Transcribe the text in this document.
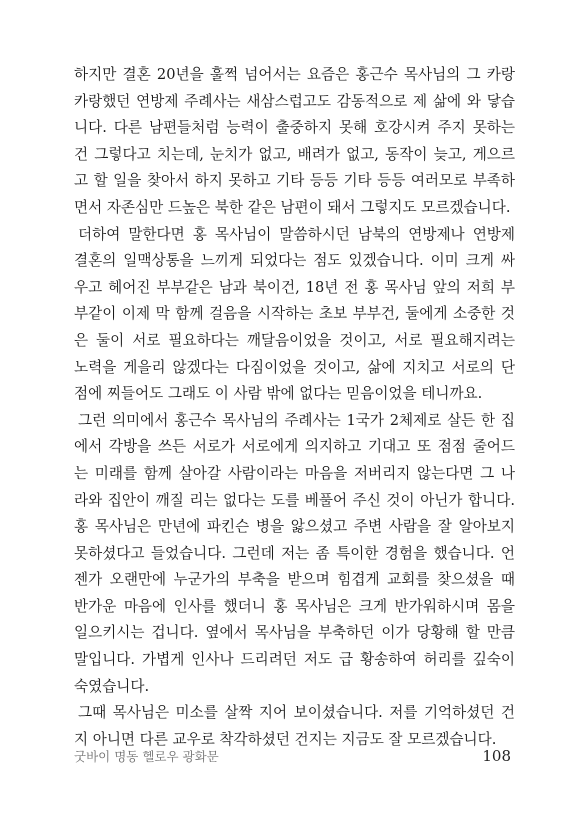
하지만 결혼 20년을 훌쩍 넘어서는 요즘은 홍근수 목사님의 그 카랑
카랑했던 연방제 주례사는 새삼스럽고도 감동적으로 제 삶에 와 닿습
니다. 다른 남편들처럼 능력이 출중하지 못해 호강시켜 주지 못하는
건 그렇다고 치는데, 눈치가 없고, 배려가 없고, 동작이 늦고, 게으르
고 할 일을 찾아서 하지 못하고 기타 등등 기타 등등 여러모로 부족하
면서 자존심만 드높은 북한 같은 남편이 돼서 그렇지도 모르겠습니다.
더하여 말한다면 홍 목사님이 말씀하시던 남북의 연방제나 연방제
결혼의 일맥상통을 느끼게 되었다는 점도 있겠습니다. 이미 크게 싸
우고 헤어진 부부같은 남과 북이건, 18년 전 홍 목사님 앞의 저희 부
부같이 이제 막 함께 걸음을 시작하는 초보 부부건, 둘에게 소중한 것
은 둘이 서로 필요하다는 깨달음이었을 것이고, 서로 필요해지려는
노력을 게을리 않겠다는 다짐이었을 것이고, 삶에 지치고 서로의 단
점에 찌들어도 그래도 이 사람 밖에 없다는 믿음이었을 테니까요.
그런 의미에서 홍근수 목사님의 주례사는 1국가 2체제로 살든 한 집
에서 각방을 쓰든 서로가 서로에게 의지하고 기대고 또 점점 줄어드
는 미래를 함께 살아갈 사람이라는 마음을 저버리지 않는다면 그 나
라와 집안이 깨질 리는 없다는 도를 베풀어 주신 것이 아닌가 합니다.
홍 목사님은 만년에 파킨슨 병을 앓으셨고 주변 사람을 잘 알아보지
못하셨다고 들었습니다. 그런데 저는 좀 특이한 경험을 했습니다. 언
젠가 오랜만에 누군가의 부축을 받으며 힘겹게 교회를 찾으셨을 때
반가운 마음에 인사를 했더니 홍 목사님은 크게 반가워하시며 몸을
일으키시는 겁니다. 옆에서 목사님을 부축하던 이가 당황해 할 만큼
말입니다. 가볍게 인사나 드리려던 저도 급 황송하여 허리를 깊숙이
숙였습니다.
그때 목사님은 미소를 살짝 지어 보이셨습니다. 저를 기억하셨던 건
지 아니면 다른 교우로 착각하셨던 건지는 지금도 잘 모르겠습니다.
굿바이 명동 헬로우 광화문	108
